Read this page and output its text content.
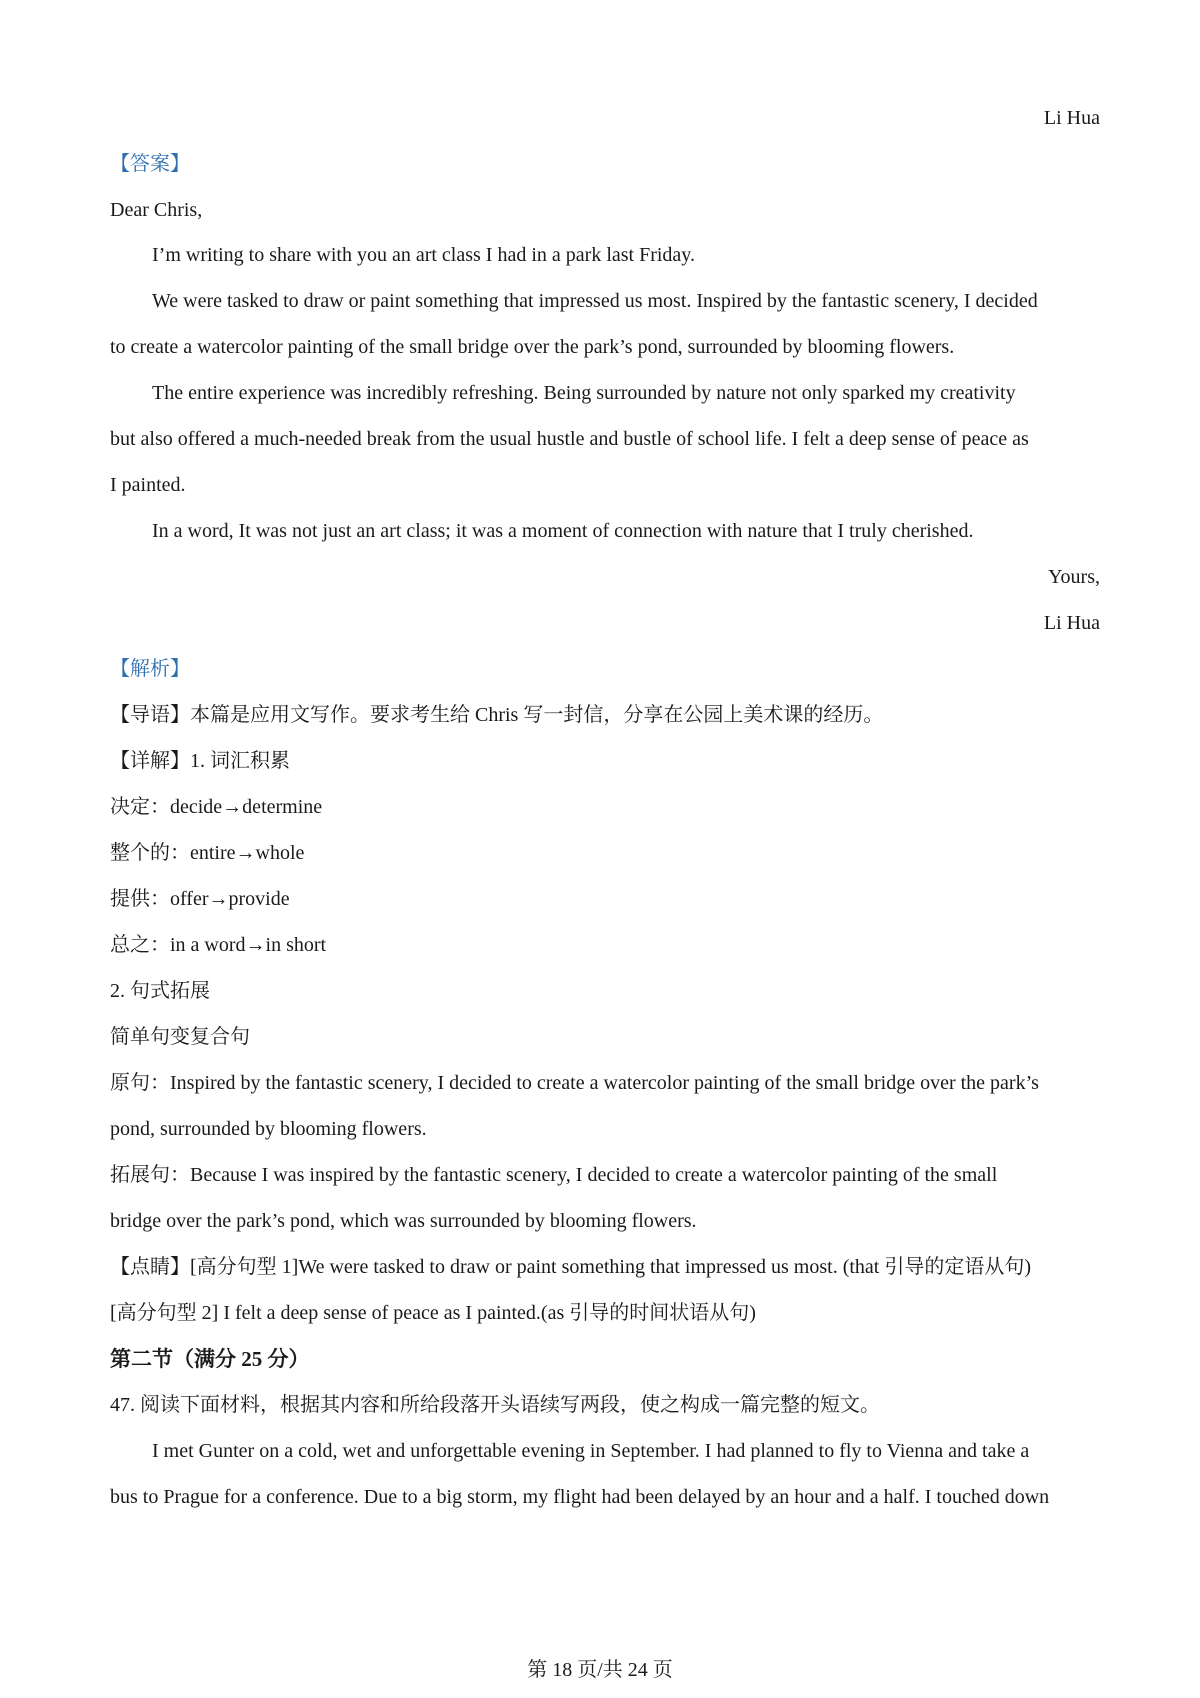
Li Hua
【答案】
Dear Chris,
I’m writing to share with you an art class I had in a park last Friday.
We were tasked to draw or paint something that impressed us most. Inspired by the fantastic scenery, I decided
to create a watercolor painting of the small bridge over the park’s pond, surrounded by blooming flowers.
The entire experience was incredibly refreshing. Being surrounded by nature not only sparked my creativity
but also offered a much-needed break from the usual hustle and bustle of school life. I felt a deep sense of peace as
I painted.
In a word, It was not just an art class; it was a moment of connection with nature that I truly cherished.
Yours,
Li Hua
【解析】
【导语】本篇是应用文写作。要求考生给 Chris 写一封信，分享在公园上美术课的经历。
【详解】1. 词汇积累
决定：decide→determine
整个的：entire→whole
提供：offer→provide
总之：in a word→in short
2. 句式拓展
简单句变复合句
原句：Inspired by the fantastic scenery, I decided to create a watercolor painting of the small bridge over the park’s
pond, surrounded by blooming flowers.
拓展句：Because I was inspired by the fantastic scenery, I decided to create a watercolor painting of the small
bridge over the park’s pond, which was surrounded by blooming flowers.
【点睛】[高分句型 1]We were tasked to draw or paint something that impressed us most. (that 引导的定语从句)
[高分句型 2] I felt a deep sense of peace as I painted.(as 引导的时间状语从句)
第二节（满分 25 分）
47. 阅读下面材料，根据其内容和所给段落开头语续写两段，使之构成一篇完整的短文。
I met Gunter on a cold, wet and unforgettable evening in September. I had planned to fly to Vienna and take a
bus to Prague for a conference. Due to a big storm, my flight had been delayed by an hour and a half. I touched down
第 18 页/共 24 页
